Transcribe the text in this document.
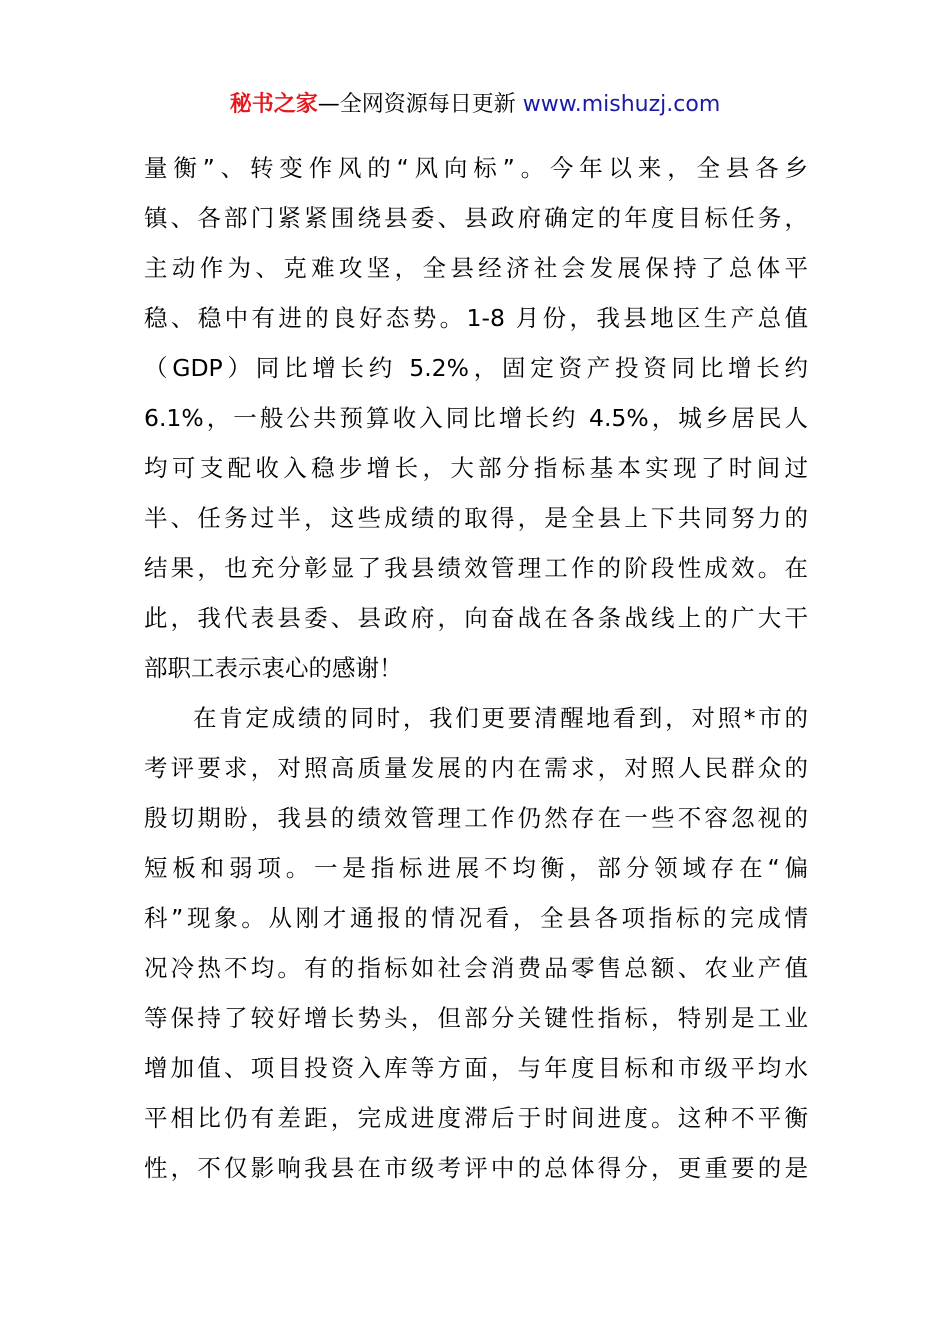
秘书之家—全网资源每日更新 www.mishuzj.com
量衡”、转变作风的“风向标”。今年以来，全县各乡
镇、各部门紧紧围绕县委、县政府确定的年度目标任务，
主动作为、克难攻坚，全县经济社会发展保持了总体平
稳、稳中有进的良好态势。1-8 月份，我县地区生产总值
（GDP）同比增长约 5.2%，固定资产投资同比增长约
6.1%，一般公共预算收入同比增长约 4.5%，城乡居民人
均可支配收入稳步增长，大部分指标基本实现了时间过
半、任务过半，这些成绩的取得，是全县上下共同努力的
结果，也充分彰显了我县绩效管理工作的阶段性成效。在
此，我代表县委、县政府，向奋战在各条战线上的广大干
部职工表示衷心的感谢！
在肯定成绩的同时，我们更要清醒地看到，对照*市的
考评要求，对照高质量发展的内在需求，对照人民群众的
殷切期盼，我县的绩效管理工作仍然存在一些不容忽视的
短板和弱项。一是指标进展不均衡，部分领域存在“偏
科”现象。从刚才通报的情况看，全县各项指标的完成情
况冷热不均。有的指标如社会消费品零售总额、农业产值
等保持了较好增长势头，但部分关键性指标，特别是工业
增加值、项目投资入库等方面，与年度目标和市级平均水
平相比仍有差距，完成进度滞后于时间进度。这种不平衡
性，不仅影响我县在市级考评中的总体得分，更重要的是
